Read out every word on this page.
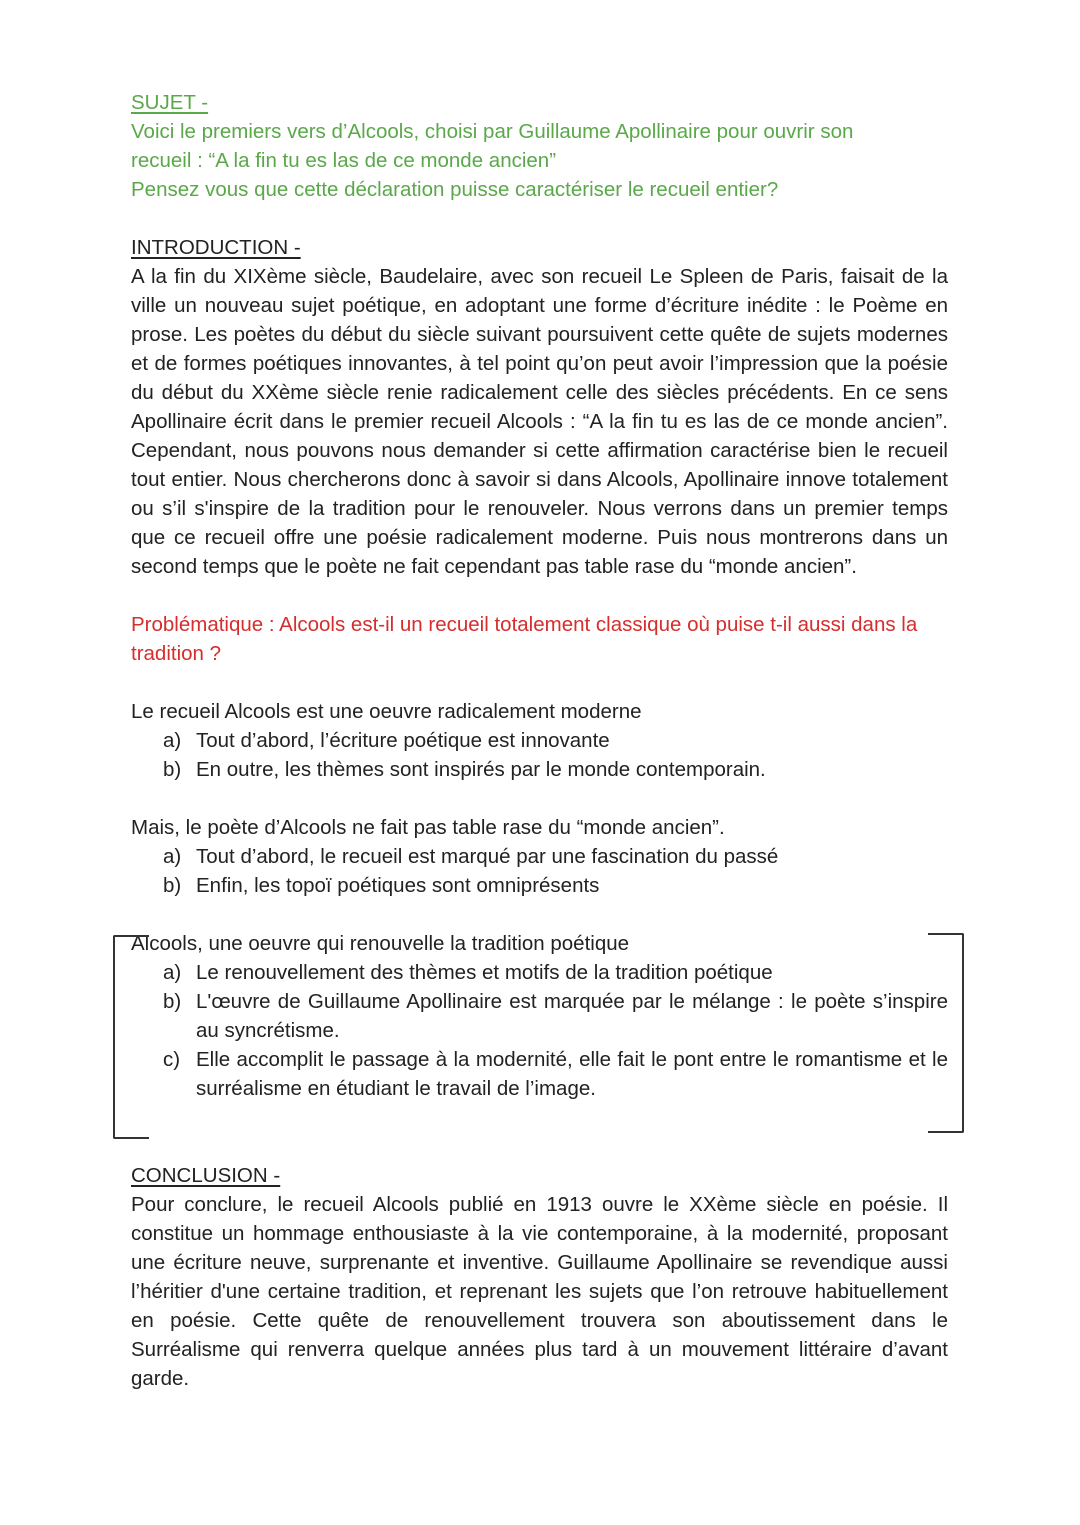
SUJET -

Voici le premiers vers d’Alcools, choisi par Guillaume Apollinaire pour ouvrir son

recueil : “A la fin tu es las de ce monde ancien”

Pensez vous que cette déclaration puisse caractériser le recueil entier?

INTRODUCTION -

A la fin du XIXème siècle, Baudelaire, avec son recueil Le Spleen de Paris, faisait de la ville un nouveau sujet poétique, en adoptant une forme d’écriture inédite : le Poème en prose. Les poètes du début du siècle suivant poursuivent cette quête de sujets modernes et de formes poétiques innovantes, à tel point qu’on peut avoir l’impression que la poésie du début du XXème siècle renie radicalement celle des siècles précédents. En ce sens Apollinaire écrit dans le premier recueil Alcools : “A la fin tu es las de ce monde ancien”. Cependant, nous pouvons nous demander si cette affirmation caractérise bien le recueil tout entier. Nous chercherons donc à savoir si dans Alcools, Apollinaire innove totalement ou s’il s'inspire de la tradition pour le renouveler. Nous verrons dans un premier temps que ce recueil offre une poésie radicalement moderne. Puis nous montrerons dans un second temps que le poète ne fait cependant pas table rase du “monde ancien”.

Problématique : Alcools est-il un recueil totalement classique où puise t-il aussi dans la tradition ?

Le recueil Alcools est une oeuvre radicalement moderne

a) Tout d’abord, l’écriture poétique est innovante
b) En outre, les thèmes sont inspirés par le monde contemporain.

Mais, le poète d’Alcools ne fait pas table rase du “monde ancien”.

a) Tout d’abord, le recueil est marqué par une fascination du passé
b) Enfin, les topoï poétiques sont omniprésents

Alcools, une oeuvre qui renouvelle la tradition poétique

a) Le renouvellement des thèmes et motifs de la tradition poétique
b) L'œuvre de Guillaume Apollinaire est marquée par le mélange : le poète s’inspire au syncrétisme.
c) Elle accomplit le passage à la modernité, elle fait le pont entre le romantisme et le surréalisme en étudiant le travail de l’image.

CONCLUSION -

Pour conclure, le recueil Alcools publié en 1913 ouvre le XXème siècle en poésie. Il constitue un hommage enthousiaste à la vie contemporaine, à la modernité, proposant une écriture neuve, surprenante et inventive. Guillaume Apollinaire se revendique aussi l’héritier d'une certaine tradition, et reprenant les sujets que l’on retrouve habituellement en poésie. Cette quête de renouvellement trouvera son aboutissement dans le Surréalisme qui renverra quelque années plus tard à un mouvement littéraire d’avant garde.
